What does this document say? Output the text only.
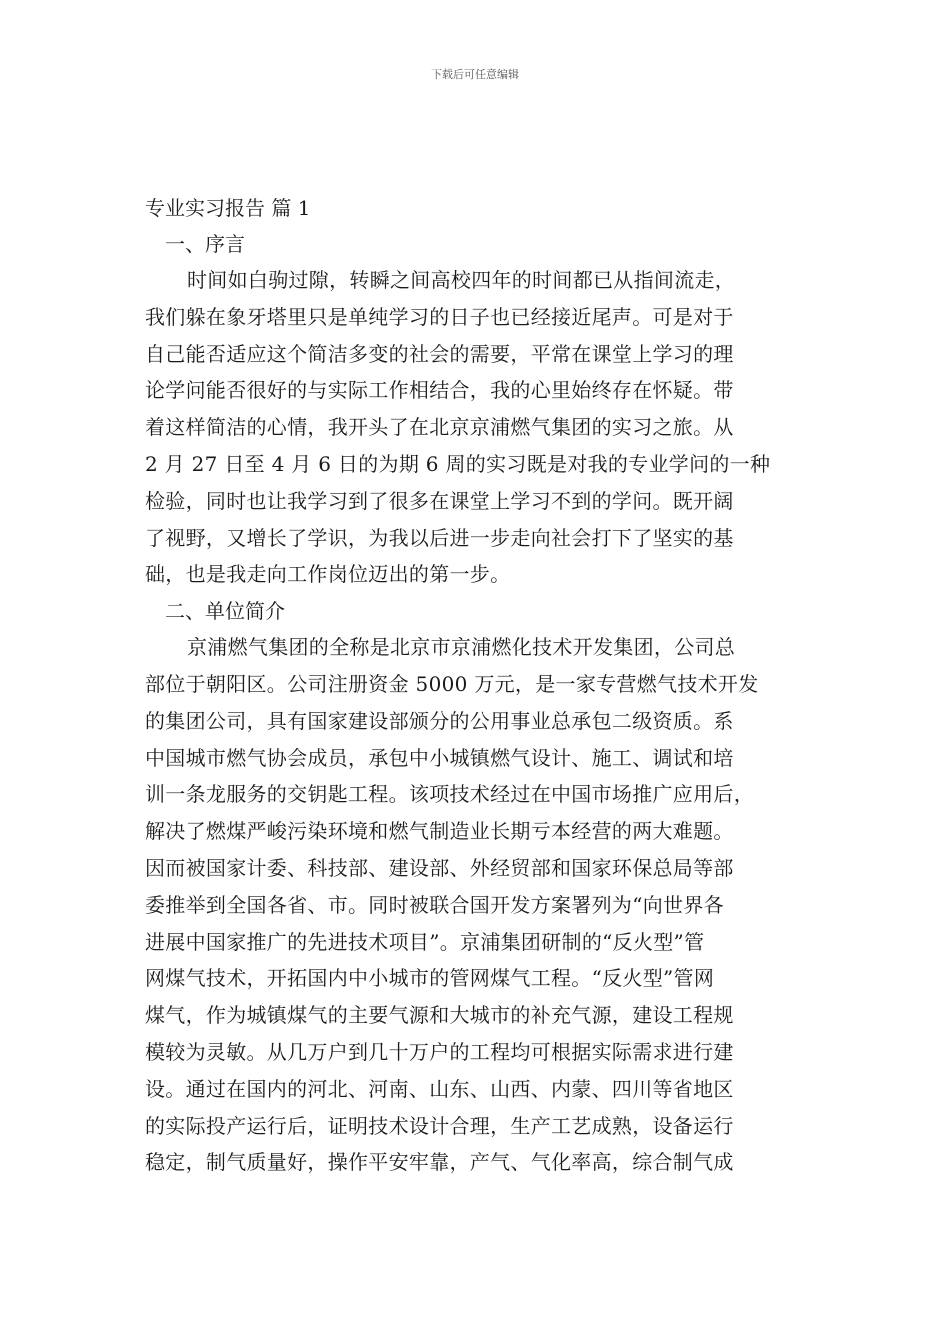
下载后可任意编辑
专业实习报告 篇 1
一、序言
时间如白驹过隙，转瞬之间高校四年的时间都已从指间流走，
我们躲在象牙塔里只是单纯学习的日子也已经接近尾声。可是对于
自己能否适应这个简洁多变的社会的需要，平常在课堂上学习的理
论学问能否很好的与实际工作相结合，我的心里始终存在怀疑。带
着这样简洁的心情，我开头了在北京京浦燃气集团的实习之旅。从
2 月 27 日至 4 月 6 日的为期 6 周的实习既是对我的专业学问的一种
检验，同时也让我学习到了很多在课堂上学习不到的学问。既开阔
了视野，又增长了学识，为我以后进一步走向社会打下了坚实的基
础，也是我走向工作岗位迈出的第一步。
二、单位简介
京浦燃气集团的全称是北京市京浦燃化技术开发集团，公司总
部位于朝阳区。公司注册资金 5000 万元，是一家专营燃气技术开发
的集团公司，具有国家建设部颁分的公用事业总承包二级资质。系
中国城市燃气协会成员，承包中小城镇燃气设计、施工、调试和培
训一条龙服务的交钥匙工程。该项技术经过在中国市场推广应用后，
解决了燃煤严峻污染环境和燃气制造业长期亏本经营的两大难题。
因而被国家计委、科技部、建设部、外经贸部和国家环保总局等部
委推举到全国各省、市。同时被联合国开发方案署列为“向世界各
进展中国家推广的先进技术项目”。京浦集团研制的“反火型”管
网煤气技术，开拓国内中小城市的管网煤气工程。“反火型”管网
煤气，作为城镇煤气的主要气源和大城市的补充气源，建设工程规
模较为灵敏。从几万户到几十万户的工程均可根据实际需求进行建
设。通过在国内的河北、河南、山东、山西、内蒙、四川等省地区
的实际投产运行后，证明技术设计合理，生产工艺成熟，设备运行
稳定，制气质量好，操作平安牢靠，产气、气化率高，综合制气成
